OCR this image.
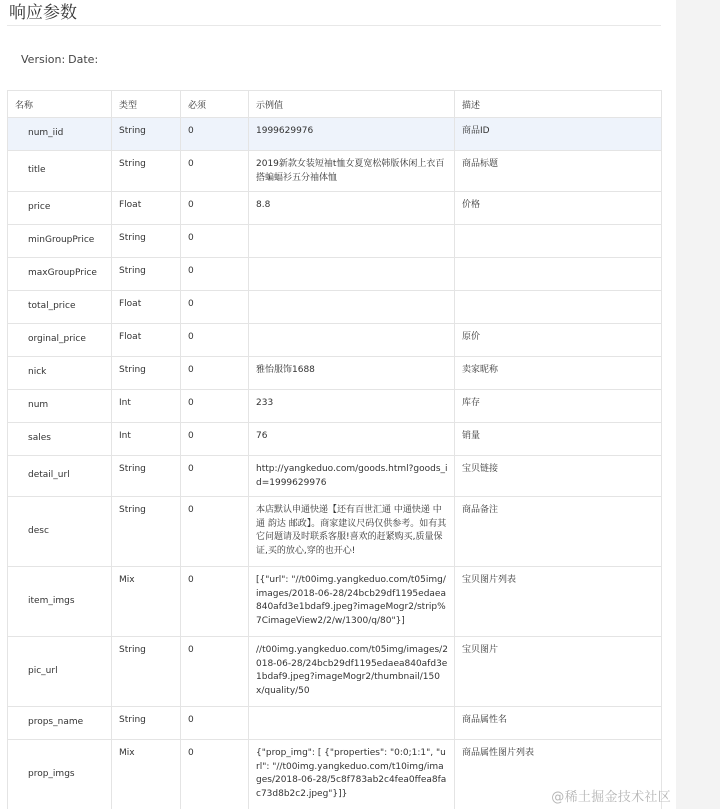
响应参数
Version: Date:
名称	类型	必须	示例值	描述
num_iid	String	0	1999629976	商品ID
title	String	0	2019新款女装短袖t恤女夏宽松韩版休闲上衣百搭蝙蝠衫五分袖体恤	商品标题
price	Float	0	8.8	价格
minGroupPrice	String	0		
maxGroupPrice	String	0		
total_price	Float	0		
orginal_price	Float	0		原价
nick	String	0	雅怡服饰1688	卖家昵称
num	Int	0	233	库存
sales	Int	0	76	销量
detail_url	String	0	http://yangkeduo.com/goods.html?goods_id=1999629976	宝贝链接
desc	String	0	本店默认申通快递【还有百世汇通 中通快递 中通 韵达 邮政】。商家建议尺码仅供参考。如有其它问题请及时联系客服!喜欢的赶紧购买,质量保证,买的放心,穿的也开心!	商品备注
item_imgs	Mix	0	[{"url": "//t00img.yangkeduo.com/t05img/images/2018-06-28/24bcb29df1195edaea840afd3e1bdaf9.jpeg?imageMogr2/strip%7CimageView2/2/w/1300/q/80"}]	宝贝图片列表
pic_url	String	0	//t00img.yangkeduo.com/t05img/images/2018-06-28/24bcb29df1195edaea840afd3e1bdaf9.jpeg?imageMogr2/thumbnail/150x/quality/50	宝贝图片
props_name	String	0		商品属性名
prop_imgs	Mix	0	{"prop_img": [ {"properties": "0:0;1:1", "url": "//t00img.yangkeduo.com/t10img/images/2018-06-28/5c8f783ab2c4fea0ffea8fac73d8b2c2.jpeg"}]}	商品属性图片列表
@稀土掘金技术社区
